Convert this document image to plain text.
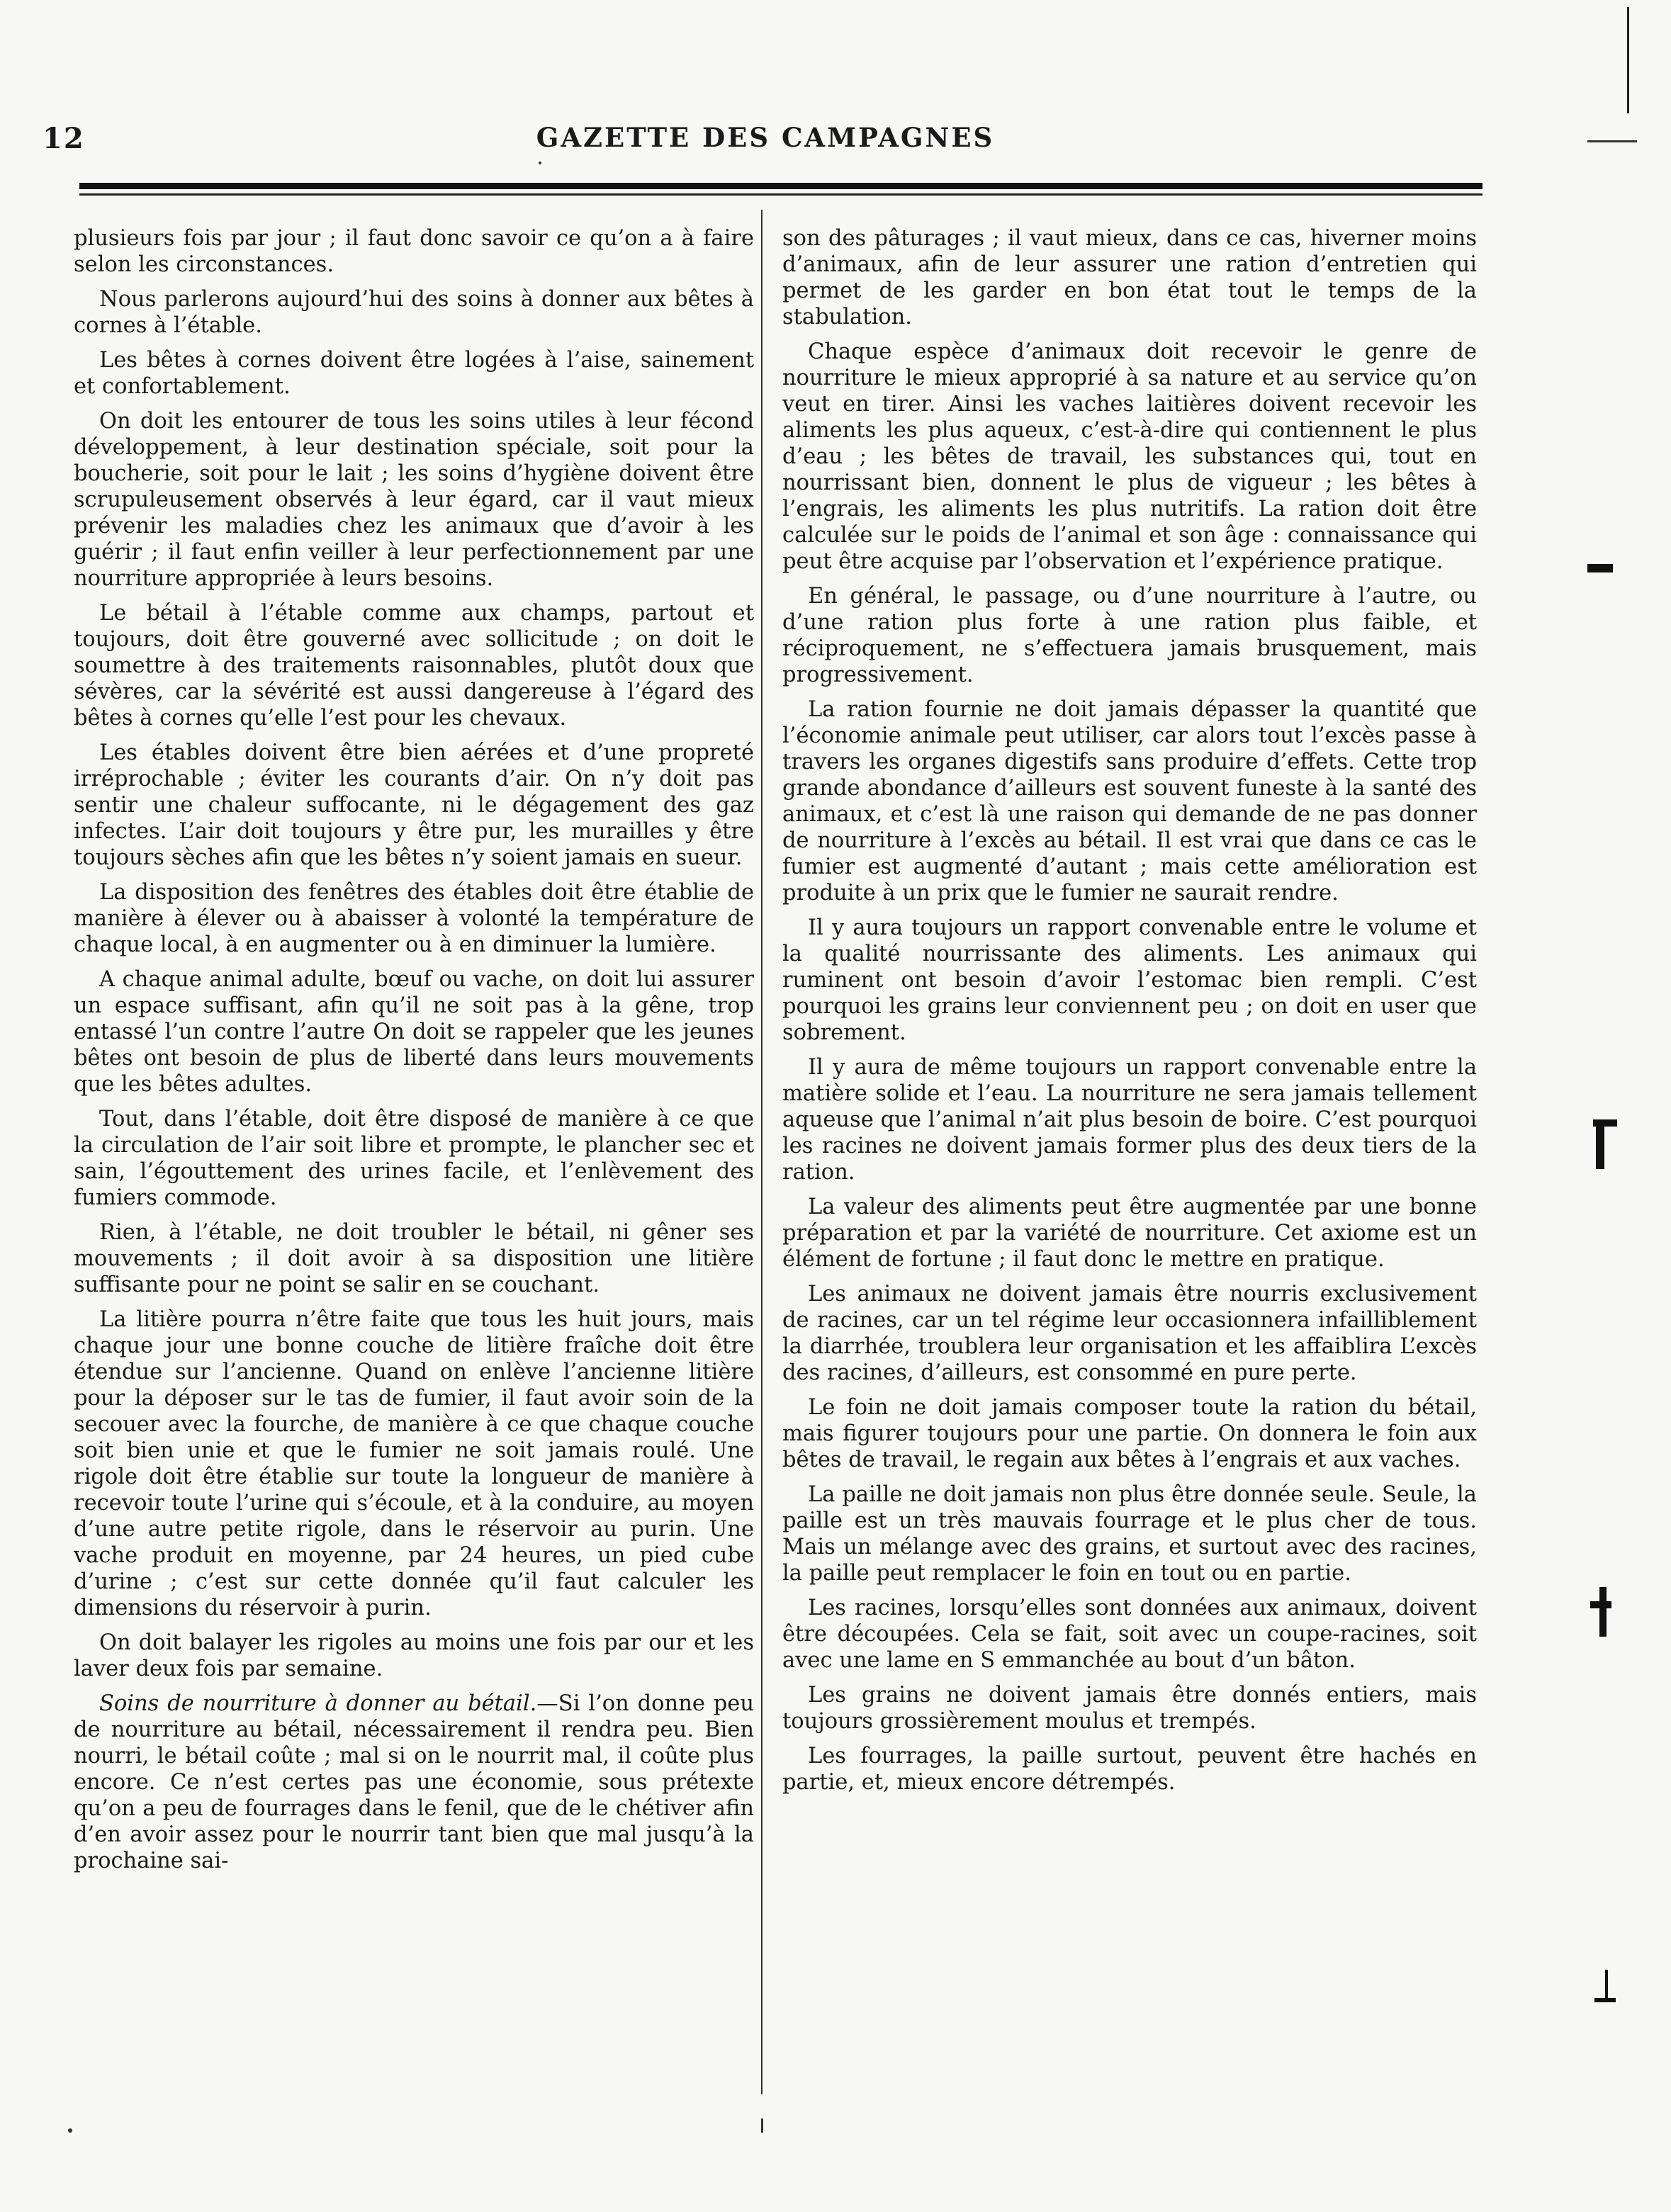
12	GAZETTE DES CAMPAGNES

plusieurs fois par jour ; il faut donc savoir ce qu’on a à faire selon les circonstances.

Nous parlerons aujourd’hui des soins à donner aux bêtes à cornes à l’étable.

Les bêtes à cornes doivent être logées à l’aise, sainement et confortablement.

On doit les entourer de tous les soins utiles à leur fécond développement, à leur destination spéciale, soit pour la boucherie, soit pour le lait ; les soins d’hygiène doivent être scrupuleusement observés à leur égard, car il vaut mieux prévenir les maladies chez les animaux que d’avoir à les guérir ; il faut enfin veiller à leur perfectionnement par une nourriture appropriée à leurs besoins.

Le bétail à l’étable comme aux champs, partout et toujours, doit être gouverné avec sollicitude ; on doit le soumettre à des traitements raisonnables, plutôt doux que sévères, car la sévérité est aussi dangereuse à l’égard des bêtes à cornes qu’elle l’est pour les chevaux.

Les étables doivent être bien aérées et d’une propreté irréprochable ; éviter les courants d’air. On n’y doit pas sentir une chaleur suffocante, ni le dégagement des gaz infectes. L’air doit toujours y être pur, les murailles y être toujours sèches afin que les bêtes n’y soient jamais en sueur.

La disposition des fenêtres des étables doit être établie de manière à élever ou à abaisser à volonté la température de chaque local, à en augmenter ou à en diminuer la lumière.

A chaque animal adulte, bœuf ou vache, on doit lui assurer un espace suffisant, afin qu’il ne soit pas à la gêne, trop entassé l’un contre l’autre On doit se rappeler que les jeunes bêtes ont besoin de plus de liberté dans leurs mouvements que les bêtes adultes.

Tout, dans l’étable, doit être disposé de manière à ce que la circulation de l’air soit libre et prompte, le plancher sec et sain, l’égouttement des urines facile, et l’enlèvement des fumiers commode.

Rien, à l’étable, ne doit troubler le bétail, ni gêner ses mouvements ; il doit avoir à sa disposition une litière suffisante pour ne point se salir en se couchant.

La litière pourra n’être faite que tous les huit jours, mais chaque jour une bonne couche de litière fraîche doit être étendue sur l’ancienne. Quand on enlève l’ancienne litière pour la déposer sur le tas de fumier, il faut avoir soin de la secouer avec la fourche, de manière à ce que chaque couche soit bien unie et que le fumier ne soit jamais roulé. Une rigole doit être établie sur toute la longueur de manière à recevoir toute l’urine qui s’écoule, et à la conduire, au moyen d’une autre petite rigole, dans le réservoir au purin. Une vache produit en moyenne, par 24 heures, un pied cube d’urine ; c’est sur cette donnée qu’il faut calculer les dimensions du réservoir à purin.

On doit balayer les rigoles au moins une fois par our et les laver deux fois par semaine.

Soins de nourriture à donner au bétail.—Si l’on donne peu de nourriture au bétail, nécessairement il rendra peu. Bien nourri, le bétail coûte ; mal si on le nourrit mal, il coûte plus encore. Ce n’est certes pas une économie, sous prétexte qu’on a peu de fourrages dans le fenil, que de le chétiver afin d’en avoir assez pour le nourrir tant bien que mal jusqu’à la prochaine sai-

son des pâturages ; il vaut mieux, dans ce cas, hiverner moins d’animaux, afin de leur assurer une ration d’entretien qui permet de les garder en bon état tout le temps de la stabulation.

Chaque espèce d’animaux doit recevoir le genre de nourriture le mieux approprié à sa nature et au service qu’on veut en tirer. Ainsi les vaches laitières doivent recevoir les aliments les plus aqueux, c’est-à-dire qui contiennent le plus d’eau ; les bêtes de travail, les substances qui, tout en nourrissant bien, donnent le plus de vigueur ; les bêtes à l’engrais, les aliments les plus nutritifs. La ration doit être calculée sur le poids de l’animal et son âge : connaissance qui peut être acquise par l’observation et l’expérience pratique.

En général, le passage, ou d’une nourriture à l’autre, ou d’une ration plus forte à une ration plus faible, et réciproquement, ne s’effectuera jamais brusquement, mais progressivement.

La ration fournie ne doit jamais dépasser la quantité que l’économie animale peut utiliser, car alors tout l’excès passe à travers les organes digestifs sans produire d’effets. Cette trop grande abondance d’ailleurs est souvent funeste à la santé des animaux, et c’est là une raison qui demande de ne pas donner de nourriture à l’excès au bétail. Il est vrai que dans ce cas le fumier est augmenté d’autant ; mais cette amélioration est produite à un prix que le fumier ne saurait rendre.

Il y aura toujours un rapport convenable entre le volume et la qualité nourrissante des aliments. Les animaux qui ruminent ont besoin d’avoir l’estomac bien rempli. C’est pourquoi les grains leur conviennent peu ; on doit en user que sobrement.

Il y aura de même toujours un rapport convenable entre la matière solide et l’eau. La nourriture ne sera jamais tellement aqueuse que l’animal n’ait plus besoin de boire. C’est pourquoi les racines ne doivent jamais former plus des deux tiers de la ration.

La valeur des aliments peut être augmentée par une bonne préparation et par la variété de nourriture. Cet axiome est un élément de fortune ; il faut donc le mettre en pratique.

Les animaux ne doivent jamais être nourris exclusivement de racines, car un tel régime leur occasionnera infailliblement la diarrhée, troublera leur organisation et les affaiblira L’excès des racines, d’ailleurs, est consommé en pure perte.

Le foin ne doit jamais composer toute la ration du bétail, mais figurer toujours pour une partie. On donnera le foin aux bêtes de travail, le regain aux bêtes à l’engrais et aux vaches.

La paille ne doit jamais non plus être donnée seule. Seule, la paille est un très mauvais fourrage et le plus cher de tous. Mais un mélange avec des grains, et surtout avec des racines, la paille peut remplacer le foin en tout ou en partie.

Les racines, lorsqu’elles sont données aux animaux, doivent être découpées. Cela se fait, soit avec un coupe-racines, soit avec une lame en S emmanchée au bout d’un bâton.

Les grains ne doivent jamais être donnés entiers, mais toujours grossièrement moulus et trempés.

Les fourrages, la paille surtout, peuvent être hachés en partie, et, mieux encore détrempés.
